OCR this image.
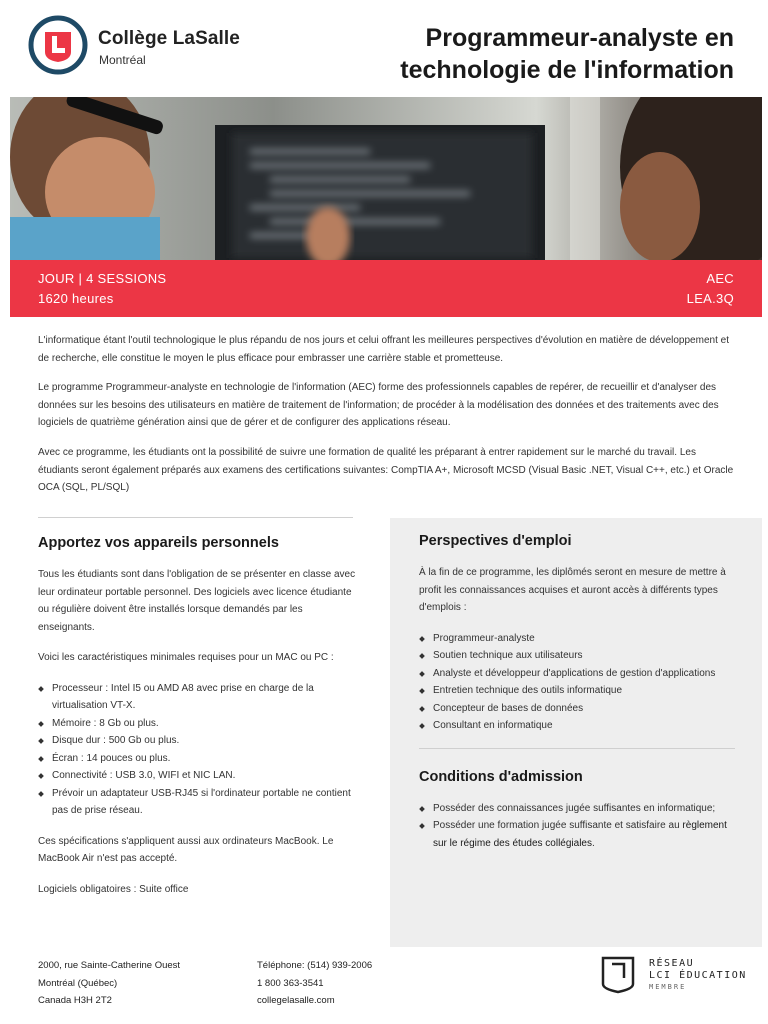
Collège LaSalle
Montréal
Programmeur-analyste en
technologie de l'information
JOUR | 4 SESSIONS
1620 heures
AEC
LEA.3Q

L'informatique étant l'outil technologique le plus répandu de nos jours et celui offrant les meilleures perspectives d'évolution en matière de développement et de recherche, elle constitue le moyen le plus efficace pour embrasser une carrière stable et prometteuse.

Le programme Programmeur-analyste en technologie de l'information (AEC) forme des professionnels capables de repérer, de recueillir et d'analyser des données sur les besoins des utilisateurs en matière de traitement de l'information; de procéder à la modélisation des données et des traitements avec des logiciels de quatrième génération ainsi que de gérer et de configurer des applications réseau.

Avec ce programme, les étudiants ont la possibilité de suivre une formation de qualité les préparant à entrer rapidement sur le marché du travail. Les étudiants seront également préparés aux examens des certifications suivantes: CompTIA A+, Microsoft MCSD (Visual Basic .NET, Visual C++, etc.) et Oracle OCA (SQL, PL/SQL)

Apportez vos appareils personnels
Tous les étudiants sont dans l'obligation de se présenter en classe avec leur ordinateur portable personnel. Des logiciels avec licence étudiante ou régulière doivent être installés lorsque demandés par les enseignants.
Voici les caractéristiques minimales requises pour un MAC ou PC :
Processeur : Intel I5 ou AMD A8 avec prise en charge de la virtualisation VT-X.
Mémoire : 8 Gb ou plus.
Disque dur : 500 Gb ou plus.
Écran : 14 pouces ou plus.
Connectivité : USB 3.0, WIFI et NIC LAN.
Prévoir un adaptateur USB-RJ45 si l'ordinateur portable ne contient pas de prise réseau.
Ces spécifications s'appliquent aussi aux ordinateurs MacBook. Le MacBook Air n'est pas accepté.
Logiciels obligatoires : Suite office
Perspectives d'emploi
À la fin de ce programme, les diplômés seront en mesure de mettre à profit les connaissances acquises et auront accès à différents types d'emplois :
Programmeur-analyste
Soutien technique aux utilisateurs
Analyste et développeur d'applications de gestion d'applications
Entretien technique des outils informatique
Concepteur de bases de données
Consultant en informatique
Conditions d'admission
Posséder des connaissances jugée suffisantes en informatique;
Posséder une formation jugée suffisante et satisfaire au règlement sur le régime des études collégiales.
2000, rue Sainte-Catherine Ouest
Montréal (Québec)
Canada H3H 2T2
Téléphone: (514) 939-2006
1 800 363-3541
collegelasalle.com
RÉSEAU
LCI ÉDUCATION
MEMBRE
